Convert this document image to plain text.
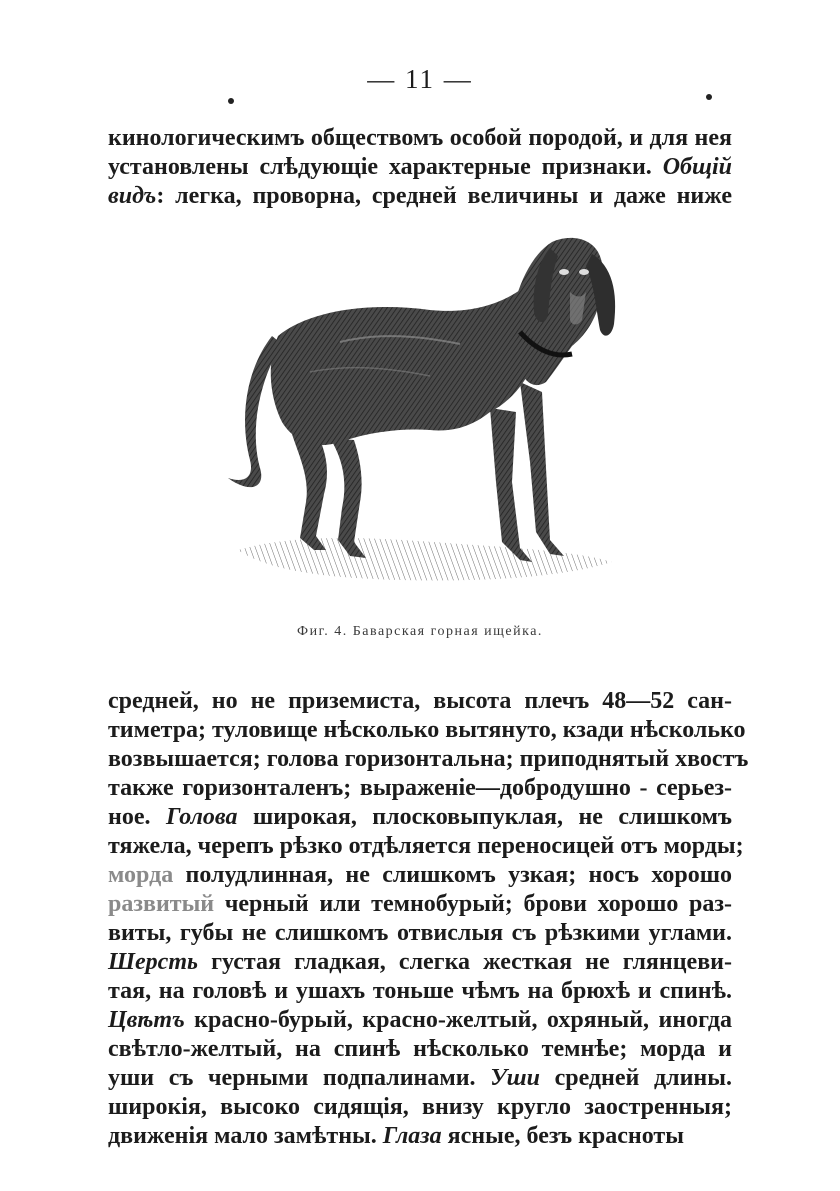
— 11 —
кинологическимъ обществомъ особой породой, и для нея
установлены слѣдующіе характерные признаки. Общій
видъ: легка, проворна, средней величины и даже ниже
Фиг. 4. Баварская горная ищейка.
средней, но не приземиста, высота плечъ 48—52 сан-
тиметра; туловище нѣсколько вытянуто, кзади нѣсколько
возвышается; голова горизонтальна; приподнятый хвостъ
также горизонталенъ; выраженіе—добродушно - серьез-
ное. Голова широкая, плосковыпуклая, не слишкомъ
тяжела, черепъ рѣзко отдѣляется переносицей отъ морды;
морда полудлинная, не слишкомъ узкая; носъ хорошо
развитый черный или темнобурый; брови хорошо раз-
виты, губы не слишкомъ отвислыя съ рѣзкими углами.
Шерсть густая гладкая, слегка жесткая не глянцеви-
тая, на головѣ и ушахъ тоньше чѣмъ на брюхѣ и спинѣ.
Цвѣтъ красно-бурый, красно-желтый, охряный, иногда
свѣтло-желтый, на спинѣ нѣсколько темнѣе; морда и
уши съ черными подпалинами. Уши средней длины.
широкія, высоко сидящія, внизу кругло заостренныя;
движенія мало замѣтны. Глаза ясные, безъ красноты
